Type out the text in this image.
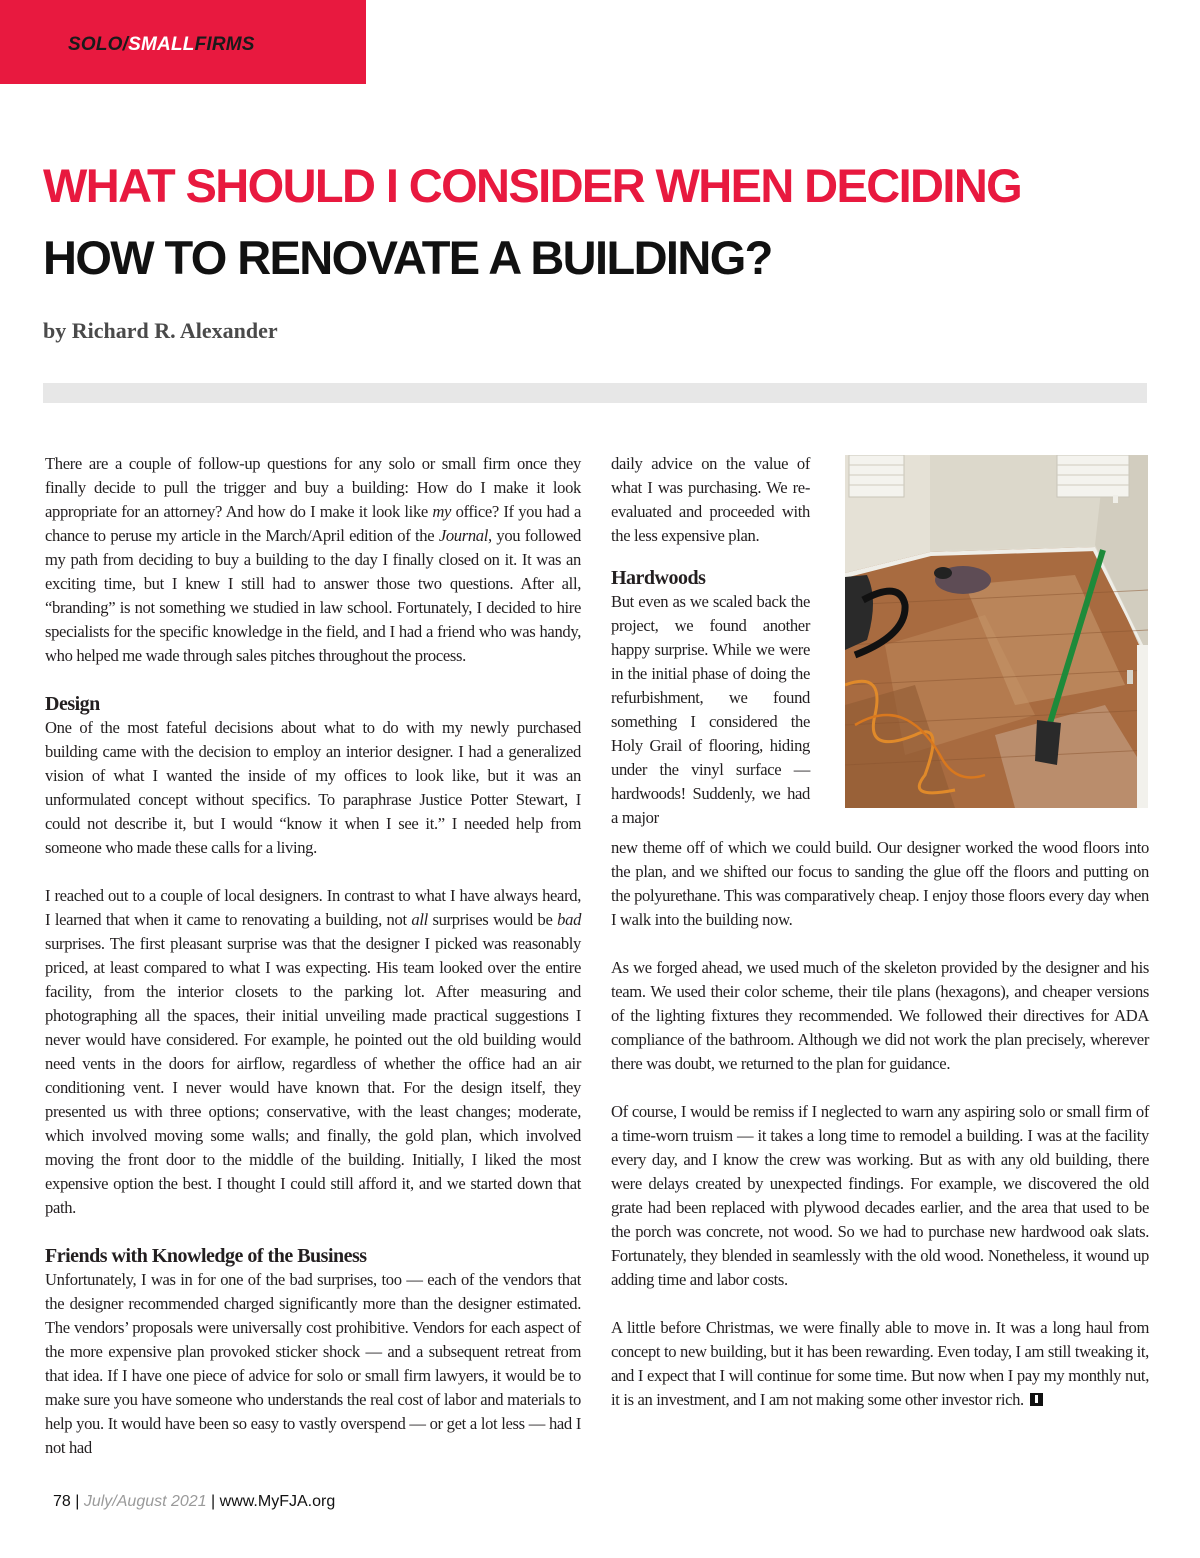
SOLO/SMALLFIRMS

WHAT SHOULD I CONSIDER WHEN DECIDING
HOW TO RENOVATE A BUILDING?

by Richard R. Alexander

There are a couple of follow-up questions for any solo or small firm once they finally decide to pull the trigger and buy a building: How do I make it look appropriate for an attorney? And how do I make it look like my office? If you had a chance to peruse my article in the March/April edition of the Journal, you followed my path from deciding to buy a building to the day I finally closed on it. It was an exciting time, but I knew I still had to answer those two questions. After all, “branding” is not something we studied in law school. Fortunately, I decided to hire specialists for the specific knowledge in the field, and I had a friend who was handy, who helped me wade through sales pitches throughout the process.

Design

One of the most fateful decisions about what to do with my newly purchased building came with the decision to employ an interior designer. I had a generalized vision of what I wanted the inside of my offices to look like, but it was an unformulated concept without specifics. To paraphrase Justice Potter Stewart, I could not describe it, but I would “know it when I see it.” I needed help from someone who made these calls for a living.

I reached out to a couple of local designers. In contrast to what I have always heard, I learned that when it came to renovating a building, not all surprises would be bad surprises. The first pleasant surprise was that the designer I picked was reasonably priced, at least compared to what I was expecting. His team looked over the entire facility, from the interior closets to the parking lot. After measuring and photographing all the spaces, their initial unveiling made practical suggestions I never would have considered. For example, he pointed out the old building would need vents in the doors for airflow, regardless of whether the office had an air conditioning vent. I never would have known that. For the design itself, they presented us with three options; conservative, with the least changes; moderate, which involved moving some walls; and finally, the gold plan, which involved moving the front door to the middle of the building. Initially, I liked the most expensive option the best. I thought I could still afford it, and we started down that path.

Friends with Knowledge of the Business

Unfortunately, I was in for one of the bad surprises, too — each of the vendors that the designer recommended charged significantly more than the designer estimated. The vendors’ proposals were universally cost prohibitive. Vendors for each aspect of the more expensive plan provoked sticker shock — and a subsequent retreat from that idea. If I have one piece of advice for solo or small firm lawyers, it would be to make sure you have someone who understands the real cost of labor and materials to help you. It would have been so easy to vastly overspend — or get a lot less — had I not had

daily advice on the value of what I was purchasing. We re-evaluated and proceeded with the less expensive plan.

Hardwoods

But even as we scaled back the project, we found another happy surprise. While we were in the initial phase of doing the refurbishment, we found something I considered the Holy Grail of flooring, hiding under the vinyl surface — hardwoods! Suddenly, we had a major

new theme off of which we could build. Our designer worked the wood floors into the plan, and we shifted our focus to sanding the glue off the floors and putting on the polyurethane. This was comparatively cheap. I enjoy those floors every day when I walk into the building now.

As we forged ahead, we used much of the skeleton provided by the designer and his team. We used their color scheme, their tile plans (hexagons), and cheaper versions of the lighting fixtures they recommended. We followed their directives for ADA compliance of the bathroom. Although we did not work the plan precisely, wherever there was doubt, we returned to the plan for guidance.

Of course, I would be remiss if I neglected to warn any aspiring solo or small firm of a time-worn truism — it takes a long time to remodel a building. I was at the facility every day, and I know the crew was working. But as with any old building, there were delays created by unexpected findings. For example, we discovered the old grate had been replaced with plywood decades earlier, and the area that used to be the porch was concrete, not wood. So we had to purchase new hardwood oak slats. Fortunately, they blended in seamlessly with the old wood. Nonetheless, it wound up adding time and labor costs.

A little before Christmas, we were finally able to move in. It was a long haul from concept to new building, but it has been rewarding. Even today, I am still tweaking it, and I expect that I will continue for some time. But now when I pay my monthly nut, it is an investment, and I am not making some other investor rich.

78 | July/August 2021 | www.MyFJA.org
